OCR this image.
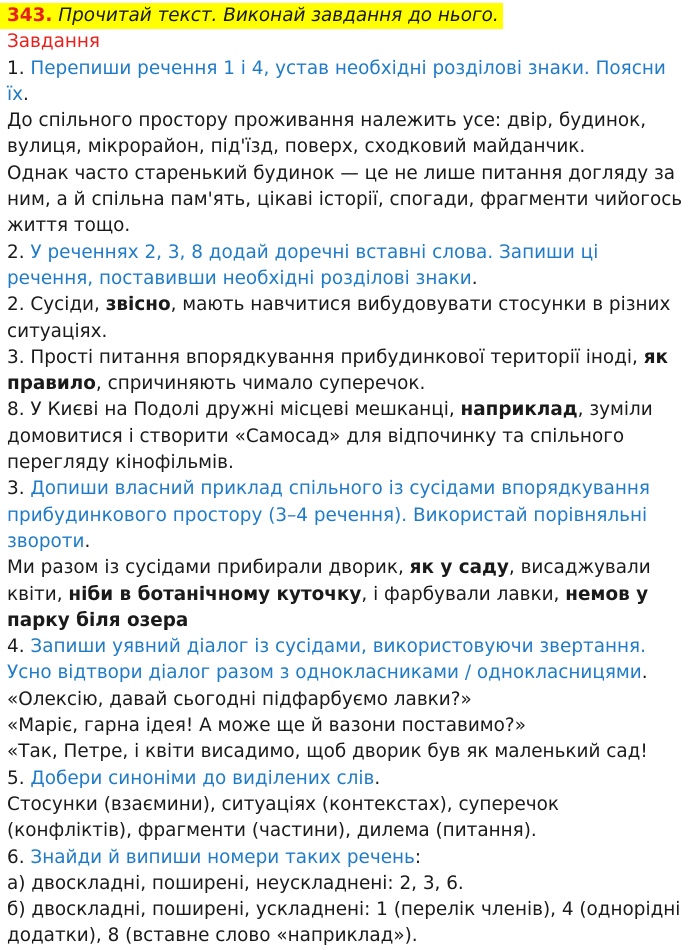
343. Прочитай текст. Виконай завдання до нього.
Завдання
1. Перепиши речення 1 і 4, устав необхідні розділові знаки. Поясни
їх.
До спільного простору проживання належить усе: двір, будинок,
вулиця, мікрорайон, під'їзд, поверх, сходковий майданчик.
Однак часто старенький будинок — це не лише питання догляду за
ним, а й спільна пам'ять, цікаві історії, спогади, фрагменти чийогось
життя тощо.
2. У реченнях 2, 3, 8 додай доречні вставні слова. Запиши ці
речення, поставивши необхідні розділові знаки.
2. Сусіди, звісно, мають навчитися вибудовувати стосунки в різних
ситуаціях.
3. Прості питання впорядкування прибудинкової території іноді, як
правило, спричиняють чимало суперечок.
8. У Києві на Подолі дружні місцеві мешканці, наприклад, зуміли
домовитися і створити «Самосад» для відпочинку та спільного
перегляду кінофільмів.
3. Допиши власний приклад спільного із сусідами впорядкування
прибудинкового простору (3–4 речення). Використай порівняльні
звороти.
Ми разом із сусідами прибирали дворик, як у саду, висаджували
квіти, ніби в ботанічному куточку, і фарбували лавки, немов у
парку біля озера
4. Запиши уявний діалог із сусідами, використовуючи звертання.
Усно відтвори діалог разом з однокласниками / однокласницями.
«Олексію, давай сьогодні підфарбуємо лавки?»
«Маріє, гарна ідея! А може ще й вазони поставимо?»
«Так, Петре, і квіти висадимо, щоб дворик був як маленький сад!
5. Добери синоніми до виділених слів.
Стосунки (взаємини), ситуаціях (контекстах), суперечок
(конфліктів), фрагменти (частини), дилема (питання).
6. Знайди й випиши номери таких речень:
а) двоскладні, поширені, неускладнені: 2, 3, 6.
б) двоскладні, поширені, ускладнені: 1 (перелік членів), 4 (однорідні
додатки), 8 (вставне слово «наприклад»).
